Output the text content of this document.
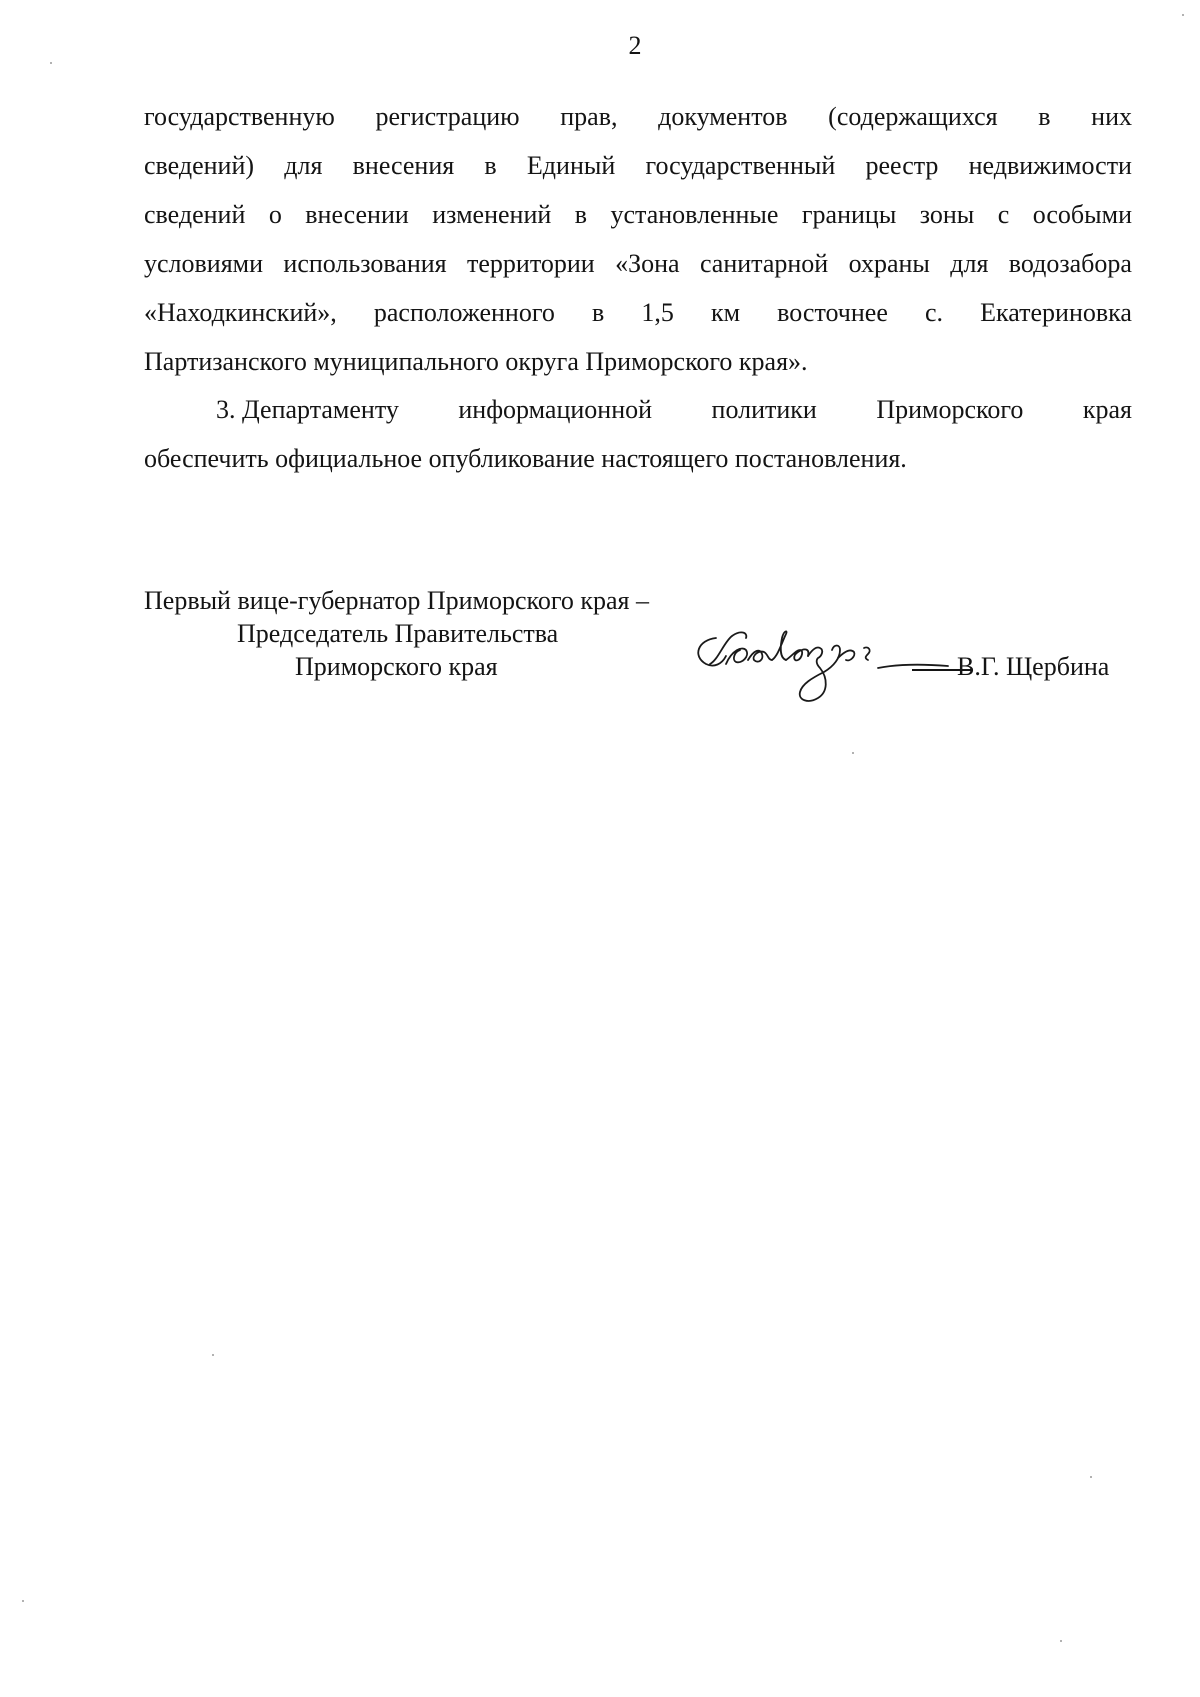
2
государственную регистрацию прав, документов (содержащихся в них
сведений) для внесения в Единый государственный реестр недвижимости
сведений о внесении изменений в установленные границы зоны с особыми
условиями использования территории «Зона санитарной охраны для водозабора
«Находкинский», расположенного в 1,5 км восточнее с. Екатериновка
Партизанского муниципального округа Приморского края».
3. Департаменту информационной политики Приморского края
обеспечить официальное опубликование настоящего постановления.
Первый вице-губернатор Приморского края –
Председатель Правительства
Приморского края	В.Г. Щербина
